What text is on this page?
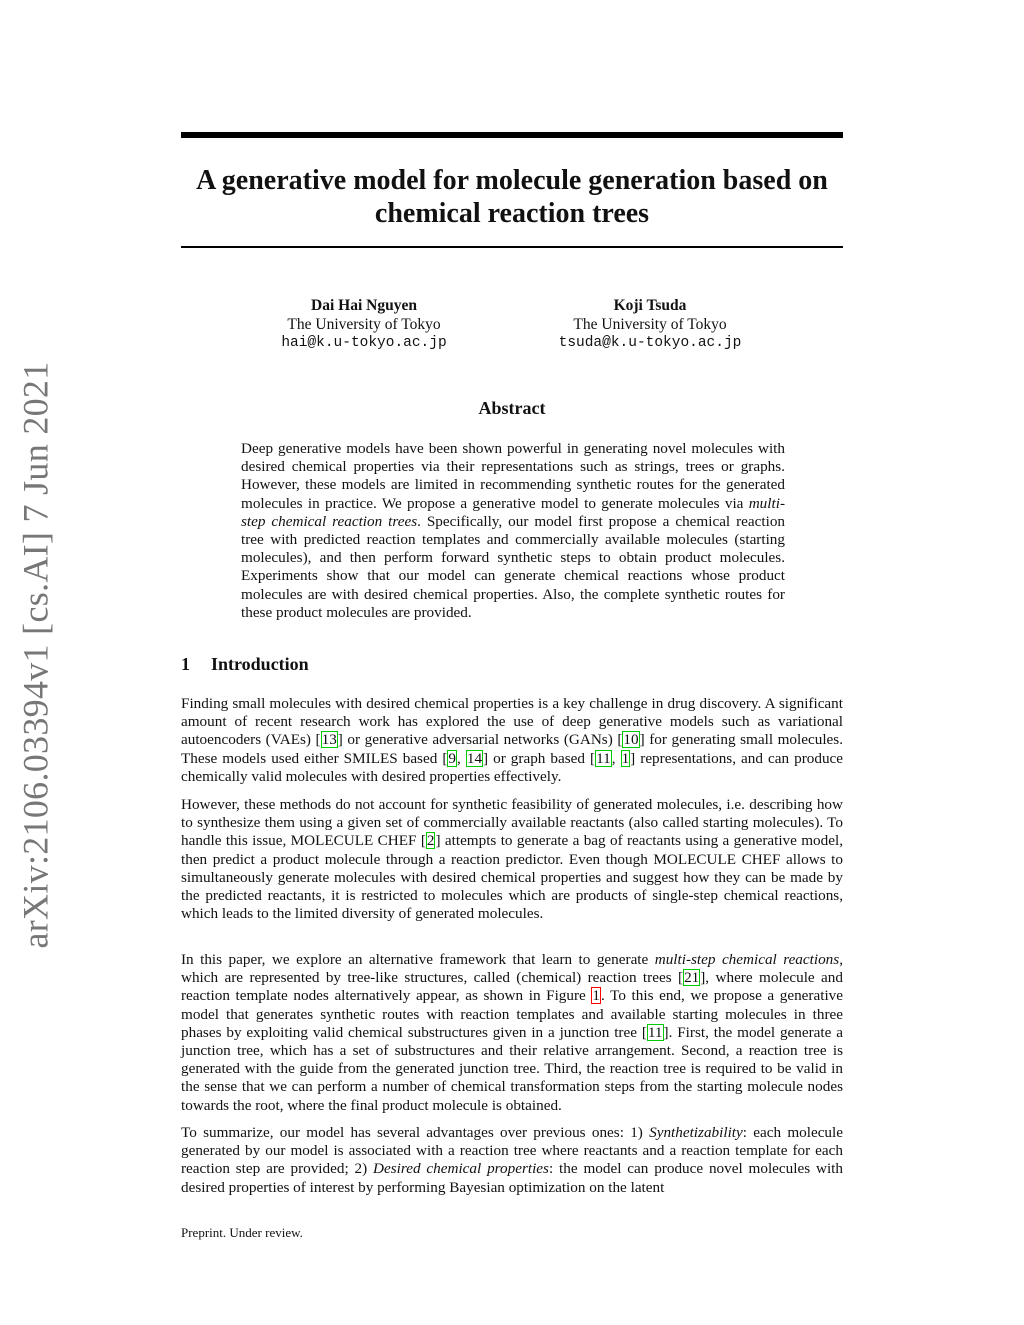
arXiv:2106.03394v1 [cs.AI] 7 Jun 2021
A generative model for molecule generation based on
chemical reaction trees
Dai Hai Nguyen
The University of Tokyo
hai@k.u-tokyo.ac.jp
Koji Tsuda
The University of Tokyo
tsuda@k.u-tokyo.ac.jp
Abstract

Deep generative models have been shown powerful in generating novel molecules with desired chemical properties via their representations such as strings, trees or graphs. However, these models are limited in recommending synthetic routes for the generated molecules in practice. We propose a generative model to generate molecules via multi-step chemical reaction trees. Specifically, our model first propose a chemical reaction tree with predicted reaction templates and commercially available molecules (starting molecules), and then perform forward synthetic steps to obtain product molecules. Experiments show that our model can generate chemical reactions whose product molecules are with desired chemical properties. Also, the complete synthetic routes for these product molecules are provided.

1 Introduction

Finding small molecules with desired chemical properties is a key challenge in drug discovery. A significant amount of recent research work has explored the use of deep generative models such as variational autoencoders (VAEs) [13] or generative adversarial networks (GANs) [10] for generating small molecules. These models used either SMILES based [9, 14] or graph based [11, 1] representations, and can produce chemically valid molecules with desired properties effectively.

However, these methods do not account for synthetic feasibility of generated molecules, i.e. describing how to synthesize them using a given set of commercially available reactants (also called starting molecules). To handle this issue, MOLECULE CHEF [2] attempts to generate a bag of reactants using a generative model, then predict a product molecule through a reaction predictor. Even though MOLECULE CHEF allows to simultaneously generate molecules with desired chemical properties and suggest how they can be made by the predicted reactants, it is restricted to molecules which are products of single-step chemical reactions, which leads to the limited diversity of generated molecules.

In this paper, we explore an alternative framework that learn to generate multi-step chemical reactions, which are represented by tree-like structures, called (chemical) reaction trees [21], where molecule and reaction template nodes alternatively appear, as shown in Figure 1. To this end, we propose a generative model that generates synthetic routes with reaction templates and available starting molecules in three phases by exploiting valid chemical substructures given in a junction tree [11]. First, the model generate a junction tree, which has a set of substructures and their relative arrangement. Second, a reaction tree is generated with the guide from the generated junction tree. Third, the reaction tree is required to be valid in the sense that we can perform a number of chemical transformation steps from the starting molecule nodes towards the root, where the final product molecule is obtained.

To summarize, our model has several advantages over previous ones: 1) Synthetizability: each molecule generated by our model is associated with a reaction tree where reactants and a reaction template for each reaction step are provided; 2) Desired chemical properties: the model can produce novel molecules with desired properties of interest by performing Bayesian optimization on the latent

Preprint. Under review.
